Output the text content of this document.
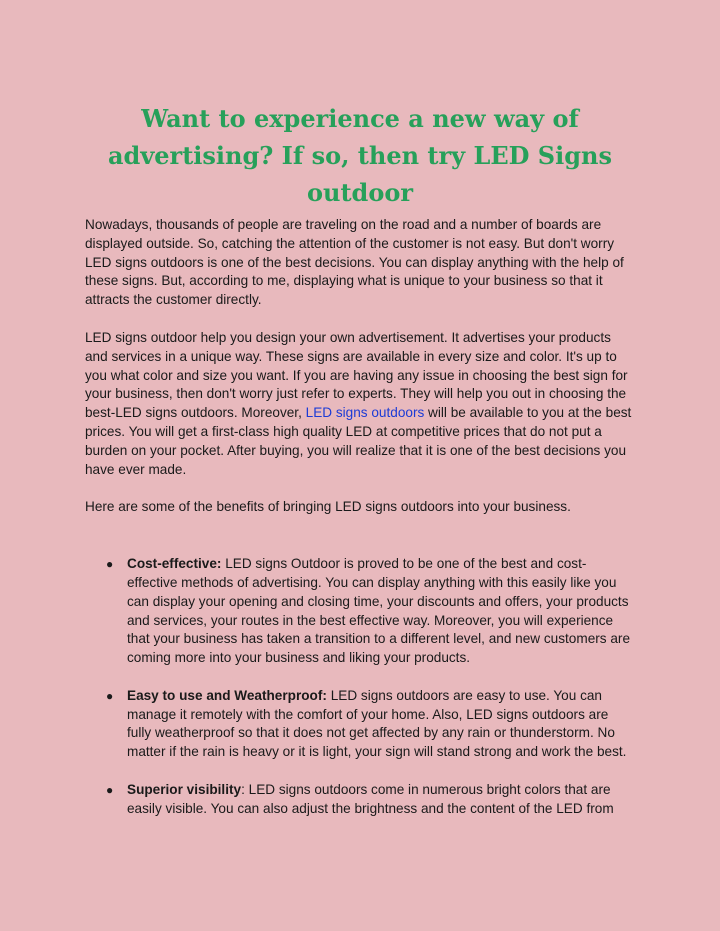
Want to experience a new way of advertising? If so, then try LED Signs outdoor

Nowadays, thousands of people are traveling on the road and a number of boards are displayed outside. So, catching the attention of the customer is not easy. But don't worry LED signs outdoors is one of the best decisions. You can display anything with the help of these signs. But, according to me, displaying what is unique to your business so that it attracts the customer directly.

LED signs outdoor help you design your own advertisement. It advertises your products and services in a unique way. These signs are available in every size and color. It's up to you what color and size you want. If you are having any issue in choosing the best sign for your business, then don't worry just refer to experts. They will help you out in choosing the best-LED signs outdoors. Moreover, LED signs outdoors will be available to you at the best prices. You will get a first-class high quality LED at competitive prices that do not put a burden on your pocket. After buying, you will realize that it is one of the best decisions you have ever made.

Here are some of the benefits of bringing LED signs outdoors into your business.

● Cost-effective: LED signs Outdoor is proved to be one of the best and cost-effective methods of advertising. You can display anything with this easily like you can display your opening and closing time, your discounts and offers, your products and services, your routes in the best effective way. Moreover, you will experience that your business has taken a transition to a different level, and new customers are coming more into your business and liking your products.
● Easy to use and Weatherproof: LED signs outdoors are easy to use. You can manage it remotely with the comfort of your home. Also, LED signs outdoors are fully weatherproof so that it does not get affected by any rain or thunderstorm. No matter if the rain is heavy or it is light, your sign will stand strong and work the best.
● Superior visibility: LED signs outdoors come in numerous bright colors that are easily visible. You can also adjust the brightness and the content of the LED from
